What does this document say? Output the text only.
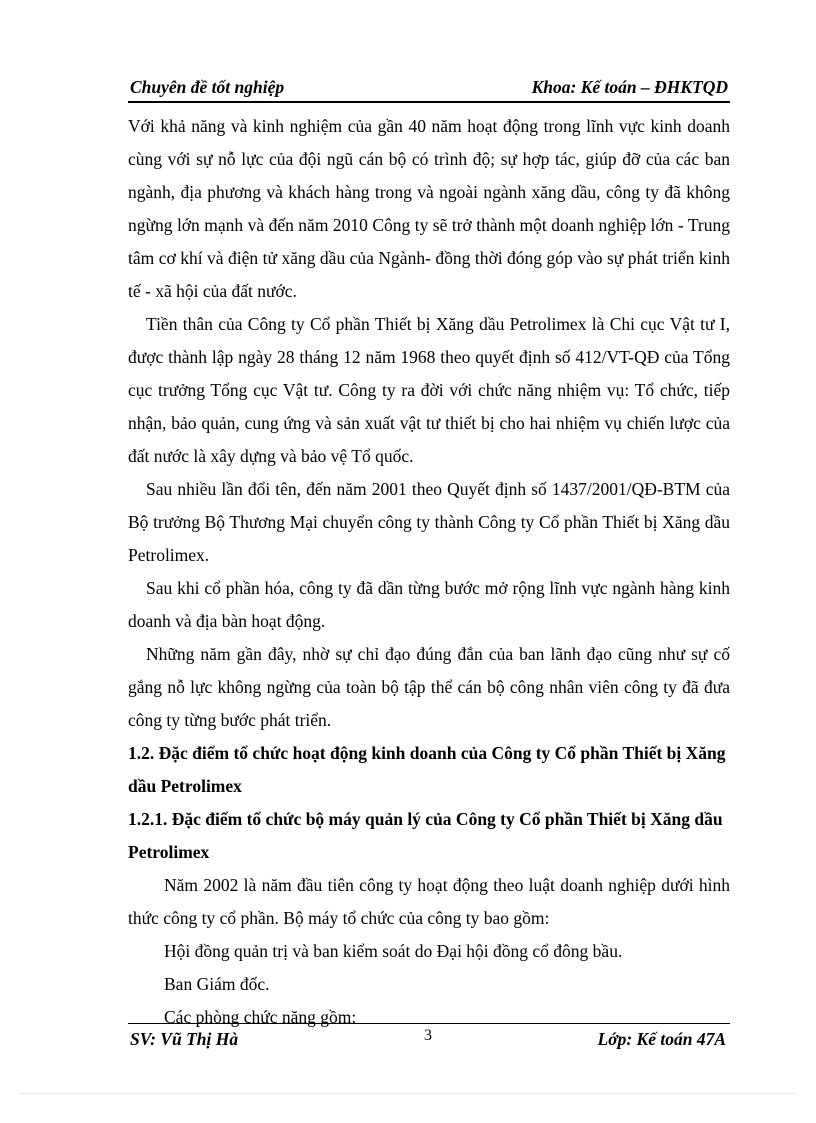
Chuyên đề tốt nghiệp	Khoa: Kế toán – ĐHKTQD

Với khả năng và kinh nghiệm của gần 40 năm hoạt động trong lĩnh vực kinh doanh cùng với sự nỗ lực của đội ngũ cán bộ có trình độ; sự hợp tác, giúp đỡ của các ban ngành, địa phương và khách hàng trong và ngoài ngành xăng dầu, công ty đã không ngừng lớn mạnh và đến năm 2010 Công ty sẽ trở thành một doanh nghiệp lớn - Trung tâm cơ khí và điện tử xăng dầu của Ngành- đồng thời đóng góp vào sự phát triển kinh tế - xã hội của đất nước.

Tiền thân của Công ty Cổ phần Thiết bị Xăng dầu Petrolimex là Chi cục Vật tư I, được thành lập ngày 28 tháng 12 năm 1968 theo quyết định số 412/VT-QĐ của Tổng cục trưởng Tổng cục Vật tư. Công ty ra đời với chức năng nhiệm vụ: Tổ chức, tiếp nhận, bảo quản, cung ứng và sản xuất vật tư thiết bị cho hai nhiệm vụ chiến lược của đất nước là xây dựng và bảo vệ Tổ quốc.

Sau nhiều lần đổi tên, đến năm 2001 theo Quyết định số 1437/2001/QĐ-BTM của Bộ trưởng Bộ Thương Mại chuyển công ty thành Công ty Cổ phần Thiết bị Xăng dầu Petrolimex.

Sau khi cổ phần hóa, công ty đã dần từng bước mở rộng lĩnh vực ngành hàng kinh doanh và địa bàn hoạt động.

Những năm gần đây, nhờ sự chỉ đạo đúng đắn của ban lãnh đạo cũng như sự cố gắng nỗ lực không ngừng của toàn bộ tập thể cán bộ công nhân viên công ty đã đưa công ty từng bước phát triển.

1.2. Đặc điểm tổ chức hoạt động kinh doanh của Công ty Cổ phần Thiết bị Xăng dầu Petrolimex

1.2.1. Đặc điểm tổ chức bộ máy quản lý của Công ty Cổ phần Thiết bị Xăng dầu Petrolimex

Năm 2002 là năm đầu tiên công ty hoạt động theo luật doanh nghiệp dưới hình thức công ty cổ phần. Bộ máy tổ chức của công ty bao gồm:

Hội đồng quản trị và ban kiểm soát do Đại hội đồng cổ đông bầu.

Ban Giám đốc.

Các phòng chức năng gồm:

SV: Vũ Thị Hà	3	Lớp: Kế toán 47A
